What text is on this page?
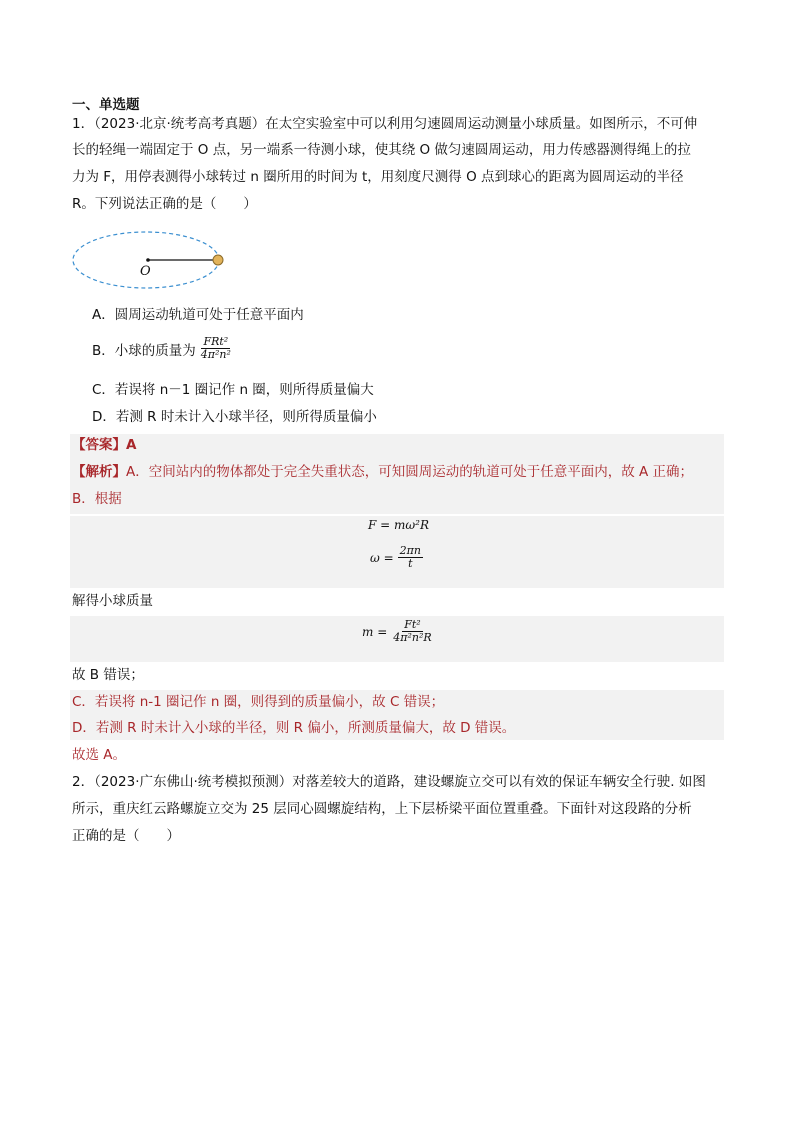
一、单选题
1．（2023·北京·统考高考真题）在太空实验室中可以利用匀速圆周运动测量小球质量。如图所示，不可伸
长的轻绳一端固定于 O 点，另一端系一待测小球，使其绕 O 做匀速圆周运动，用力传感器测得绳上的拉
力为 F，用停表测得小球转过 n 圈所用的时间为 t，用刻度尺测得 O 点到球心的距离为圆周运动的半径
R。下列说法正确的是（　　）
O
A．圆周运动轨道可处于任意平面内
B．小球的质量为 $\frac{\text{FRt²}}{\text{4π²n²}}$
C．若误将 n－1 圈记作 n 圈，则所得质量偏大
D．若测 R 时未计入小球半径，则所得质量偏小
【答案】A
【解析】A．空间站内的物体都处于完全失重状态，可知圆周运动的轨道可处于任意平面内，故 A 正确；
B．根据
F = mω²R
$\omega = \frac{2\pi n}{t}$
解得小球质量
$m = \frac{\text{Ft²}}{\text{4π²n²R}}$
故 B 错误；
C．若误将 n-1 圈记作 n 圈，则得到的质量偏小，故 C 错误；
D．若测 R 时未计入小球的半径，则 R 偏小，所测质量偏大，故 D 错误。
故选 A。
2．（2023·广东佛山·统考模拟预测）对落差较大的道路，建设螺旋立交可以有效的保证车辆安全行驶. 如图
所示，重庆红云路螺旋立交为 25 层同心圆螺旋结构，上下层桥梁平面位置重叠。下面针对这段路的分析
正确的是（　　）
